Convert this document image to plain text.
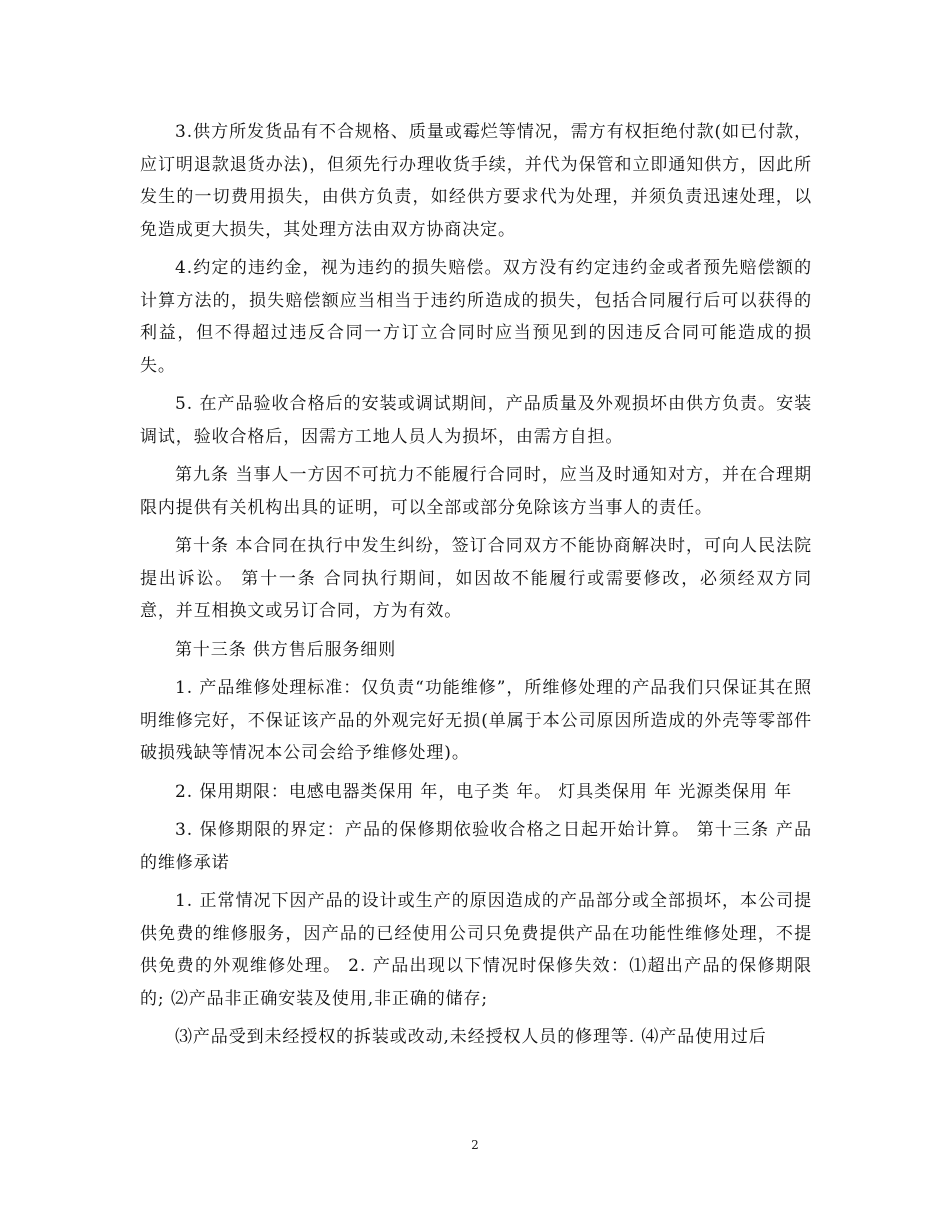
3.供方所发货品有不合规格、质量或霉烂等情况，需方有权拒绝付款(如已付款，应订明退款退货办法)，但须先行办理收货手续，并代为保管和立即通知供方，因此所发生的一切费用损失，由供方负责，如经供方要求代为处理，并须负责迅速处理，以免造成更大损失，其处理方法由双方协商决定。

4.约定的违约金，视为违约的损失赔偿。双方没有约定违约金或者预先赔偿额的计算方法的，损失赔偿额应当相当于违约所造成的损失，包括合同履行后可以获得的利益，但不得超过违反合同一方订立合同时应当预见到的因违反合同可能造成的损失。

5. 在产品验收合格后的安装或调试期间，产品质量及外观损坏由供方负责。安装调试，验收合格后，因需方工地人员人为损坏，由需方自担。

第九条 当事人一方因不可抗力不能履行合同时，应当及时通知对方，并在合理期限内提供有关机构出具的证明，可以全部或部分免除该方当事人的责任。

第十条 本合同在执行中发生纠纷，签订合同双方不能协商解决时，可向人民法院提出诉讼。 第十一条 合同执行期间，如因故不能履行或需要修改，必须经双方同意，并互相换文或另订合同，方为有效。

第十三条 供方售后服务细则

1. 产品维修处理标准：仅负责“功能维修”，所维修处理的产品我们只保证其在照明维修完好，不保证该产品的外观完好无损(单属于本公司原因所造成的外壳等零部件破损残缺等情况本公司会给予维修处理)。

2. 保用期限：电感电器类保用 年，电子类 年。 灯具类保用 年 光源类保用 年

3. 保修期限的界定：产品的保修期依验收合格之日起开始计算。 第十三条 产品的维修承诺

1. 正常情况下因产品的设计或生产的原因造成的产品部分或全部损坏，本公司提供免费的维修服务，因产品的已经使用公司只免费提供产品在功能性维修处理，不提供免费的外观维修处理。 2. 产品出现以下情况时保修失效：⑴超出产品的保修期限的; ⑵产品非正确安装及使用,非正确的储存;

⑶产品受到未经授权的拆装或改动,未经授权人员的修理等. ⑷产品使用过后

2
